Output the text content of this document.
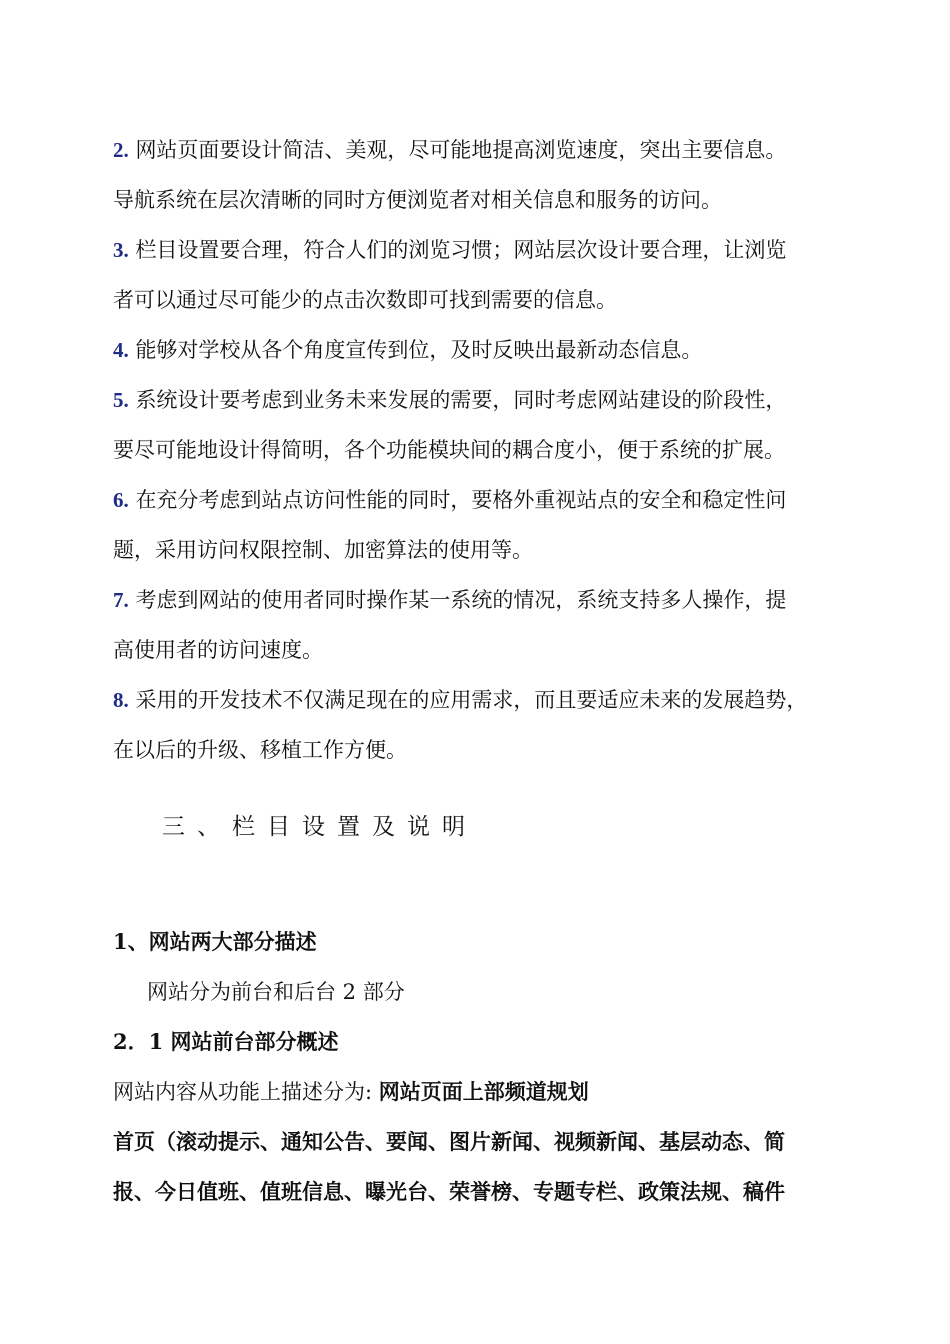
2. 网站页面要设计简洁、美观，尽可能地提高浏览速度，突出主要信息。
导航系统在层次清晰的同时方便浏览者对相关信息和服务的访问。
3. 栏目设置要合理，符合人们的浏览习惯；网站层次设计要合理，让浏览
者可以通过尽可能少的点击次数即可找到需要的信息。
4. 能够对学校从各个角度宣传到位，及时反映出最新动态信息。
5. 系统设计要考虑到业务未来发展的需要，同时考虑网站建设的阶段性，
要尽可能地设计得简明，各个功能模块间的耦合度小，便于系统的扩展。
6. 在充分考虑到站点访问性能的同时，要格外重视站点的安全和稳定性问
题，采用访问权限控制、加密算法的使用等。
7. 考虑到网站的使用者同时操作某一系统的情况，系统支持多人操作，提
高使用者的访问速度。
8. 采用的开发技术不仅满足现在的应用需求，而且要适应未来的发展趋势，
在以后的升级、移植工作方便。
三、栏目设置及说明
1、网站两大部分描述
网站分为前台和后台 2 部分
2．1 网站前台部分概述
网站内容从功能上描述分为: 网站页面上部频道规划
首页（滚动提示、通知公告、要闻、图片新闻、视频新闻、基层动态、简
报、今日值班、值班信息、曝光台、荣誉榜、专题专栏、政策法规、稿件
